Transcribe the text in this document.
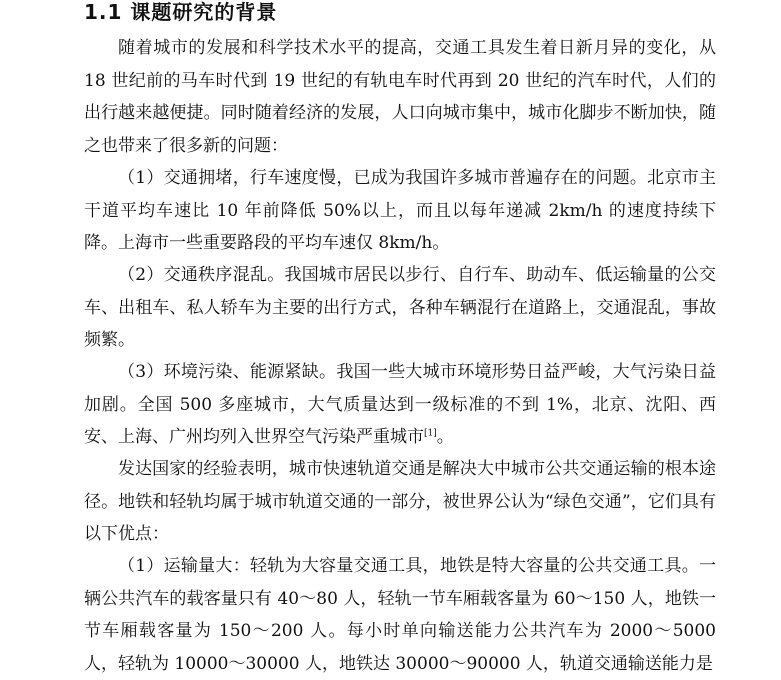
1.1 课题研究的背景

随着城市的发展和科学技术水平的提高，交通工具发生着日新月异的变化，从 18 世纪前的马车时代到 19 世纪的有轨电车时代再到 20 世纪的汽车时代，人们的出行越来越便捷。同时随着经济的发展，人口向城市集中，城市化脚步不断加快，随之也带来了很多新的问题：

（1）交通拥堵，行车速度慢，已成为我国许多城市普遍存在的问题。北京市主干道平均车速比 10 年前降低 50%以上，而且以每年递减 2km/h 的速度持续下降。上海市一些重要路段的平均车速仅 8km/h。

（2）交通秩序混乱。我国城市居民以步行、自行车、助动车、低运输量的公交车、出租车、私人轿车为主要的出行方式，各种车辆混行在道路上，交通混乱，事故频繁。

（3）环境污染、能源紧缺。我国一些大城市环境形势日益严峻，大气污染日益加剧。全国 500 多座城市，大气质量达到一级标准的不到 1%，北京、沈阳、西安、上海、广州均列入世界空气污染严重城市[1]。

发达国家的经验表明，城市快速轨道交通是解决大中城市公共交通运输的根本途径。地铁和轻轨均属于城市轨道交通的一部分，被世界公认为“绿色交通”，它们具有以下优点：

（1）运输量大：轻轨为大容量交通工具，地铁是特大容量的公共交通工具。一辆公共汽车的载客量只有 40～80 人，轻轨一节车厢载客量为 60～150 人，地铁一节车厢载客量为 150～200 人。每小时单向输送能力公共汽车为 2000～5000 人，轻轨为 10000～30000 人，地铁达 30000～90000 人，轨道交通输送能力是
